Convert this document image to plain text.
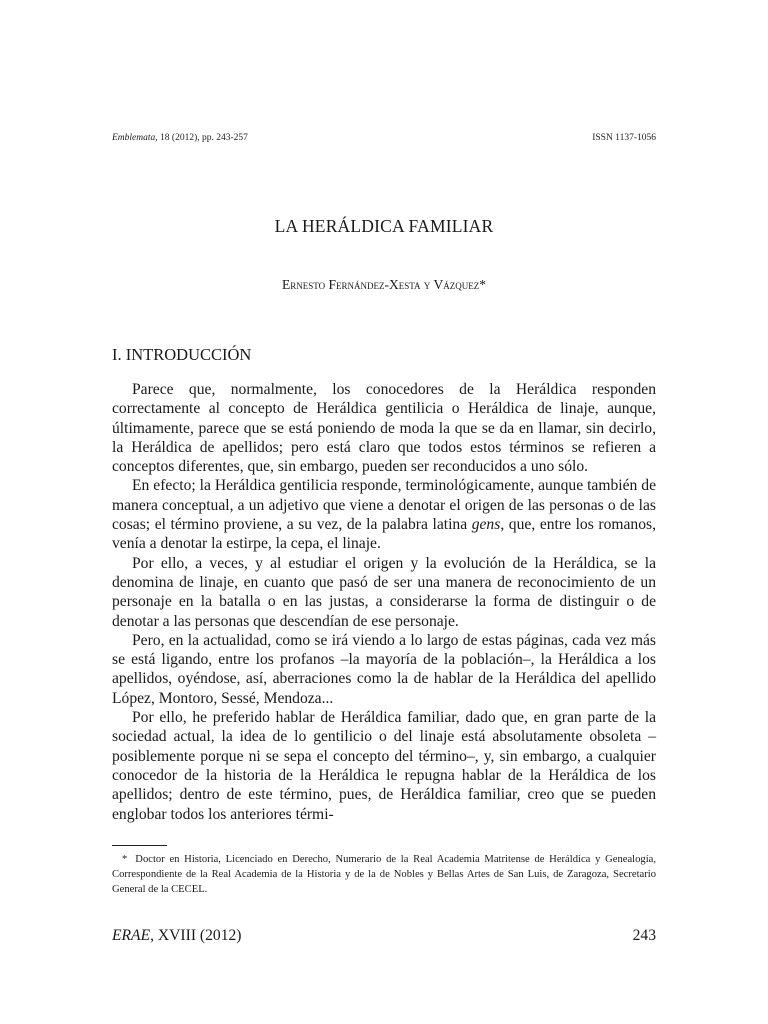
Emblemata, 18 (2012), pp. 243-257	ISSN 1137-1056
LA HERÁLDICA FAMILIAR
Ernesto Fernández-Xesta y Vázquez*
I. INTRODUCCIÓN

Parece que, normalmente, los conocedores de la Heráldica responden correctamente al concepto de Heráldica gentilicia o Heráldica de linaje, aunque, últimamente, parece que se está poniendo de moda la que se da en llamar, sin decirlo, la Heráldica de apellidos; pero está claro que todos estos términos se refieren a conceptos diferentes, que, sin embargo, pueden ser reconducidos a uno sólo.

En efecto; la Heráldica gentilicia responde, terminológicamente, aunque también de manera conceptual, a un adjetivo que viene a denotar el origen de las personas o de las cosas; el término proviene, a su vez, de la palabra latina gens, que, entre los romanos, venía a denotar la estirpe, la cepa, el linaje.

Por ello, a veces, y al estudiar el origen y la evolución de la Heráldica, se la denomina de linaje, en cuanto que pasó de ser una manera de reconocimiento de un personaje en la batalla o en las justas, a considerarse la forma de distinguir o de denotar a las personas que descendían de ese personaje.

Pero, en la actualidad, como se irá viendo a lo largo de estas páginas, cada vez más se está ligando, entre los profanos –la mayoría de la población–, la Heráldica a los apellidos, oyéndose, así, aberraciones como la de hablar de la Heráldica del apellido López, Montoro, Sessé, Mendoza...

Por ello, he preferido hablar de Heráldica familiar, dado que, en gran parte de la sociedad actual, la idea de lo gentilicio o del linaje está absolutamente obsoleta –posiblemente porque ni se sepa el concepto del término–, y, sin embargo, a cualquier conocedor de la historia de la Heráldica le repugna hablar de la Heráldica de los apellidos; dentro de este término, pues, de Heráldica familiar, creo que se pueden englobar todos los anteriores térmi-

* Doctor en Historia, Licenciado en Derecho, Numerario de la Real Academia Matritense de Heráldica y Genealogía, Correspondiente de la Real Academia de la Historia y de la de Nobles y Bellas Artes de San Luis, de Zaragoza, Secretario General de la CECEL.
ERAE, XVIII (2012)	243
